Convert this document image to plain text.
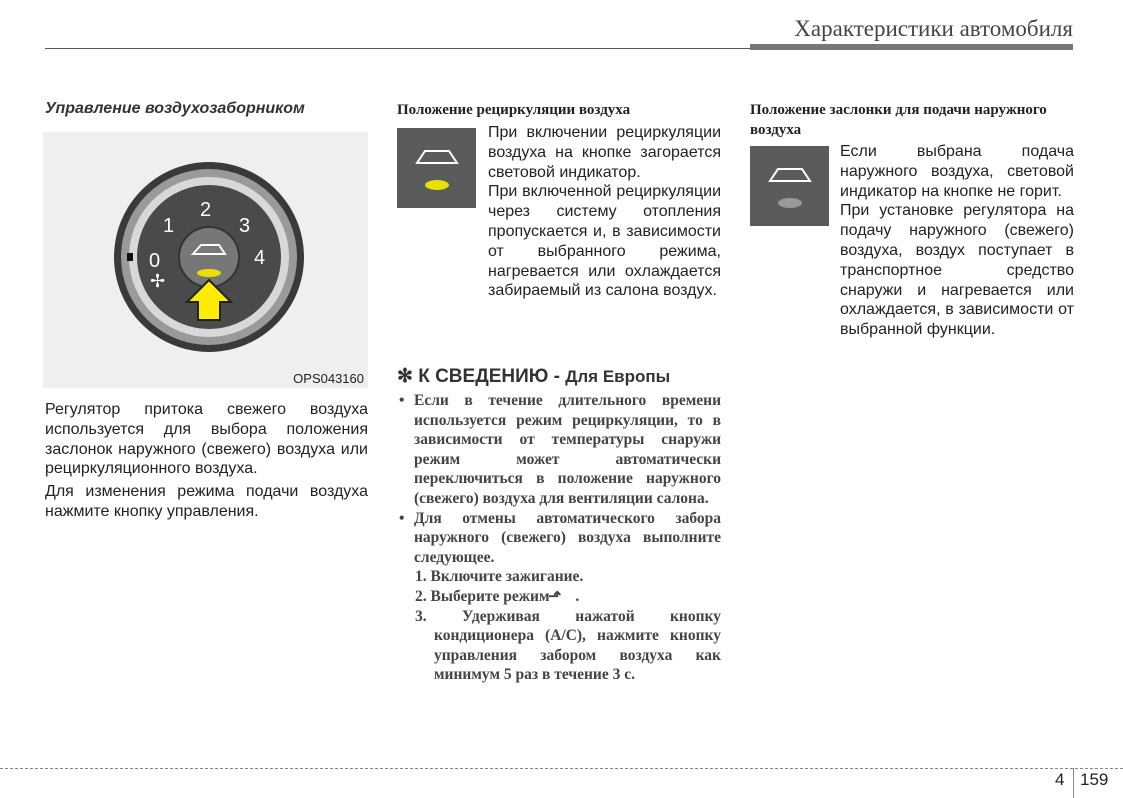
Характеристики автомобиля
Управление воздухозаборником
0
1
2
3
4
✢
OPS043160

Регулятор притока свежего воздуха используется для выбора положения заслонок наружного (свежего) воздуха или рециркуляционного воздуха.

Для изменения режима подачи воздуха нажмите кнопку управления.

Положение рециркуляции воздуха

При включении рециркуляции воздуха на кнопке загорается световой индикатор.

При включенной рециркуляции через систему отопления пропускается и, в зависимости от выбранного режима, нагревается или охлаждается забираемый из салона воздух.

✻ К СВЕДЕНИЮ - Для Европы
• Если в течение длительного времени используется режим рециркуляции, то в зависимости от температуры снаружи режим может автоматически переключиться в положение наружного (свежего) воздуха для вентиляции салона.
• Для отмены автоматического забора наружного (свежего) воздуха выполните следующее.
1. Включите зажигание.
2. Выберите режим ⬏ .
3. Удерживая нажатой кнопку кондиционера (A/C), нажмите кнопку управления забором воздуха как минимум 5 раз в течение 3 с.
Положение заслонки для подачи наружного воздуха

Если выбрана подача наружного воздуха, световой индикатор на кнопке не горит.

При установке регулятора на подачу наружного (свежего) воздуха, воздух поступает в транспортное средство снаружи и нагревается или охлаждается, в зависимости от выбранной функции.

4 159
